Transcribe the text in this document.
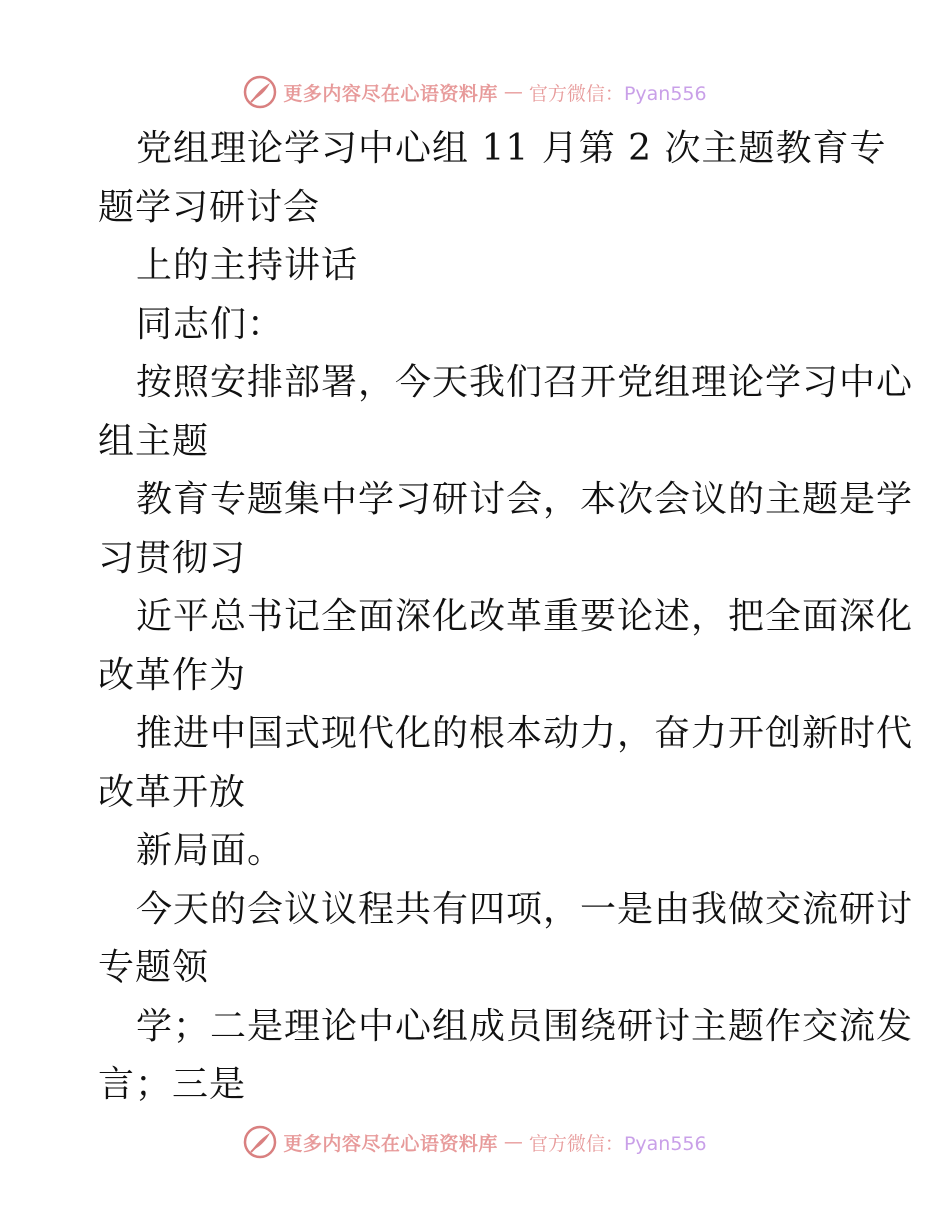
更多内容尽在心语资料库 — 官方微信：Pyan556
党组理论学习中心组 11 月第 2 次主题教育专
题学习研讨会
上的主持讲话
同志们：
按照安排部署，今天我们召开党组理论学习中心
组主题
教育专题集中学习研讨会，本次会议的主题是学
习贯彻习
近平总书记全面深化改革重要论述，把全面深化
改革作为
推进中国式现代化的根本动力，奋力开创新时代
改革开放
新局面。
今天的会议议程共有四项，一是由我做交流研讨
专题领
学；二是理论中心组成员围绕研讨主题作交流发
言；三是
更多内容尽在心语资料库 — 官方微信：Pyan556
